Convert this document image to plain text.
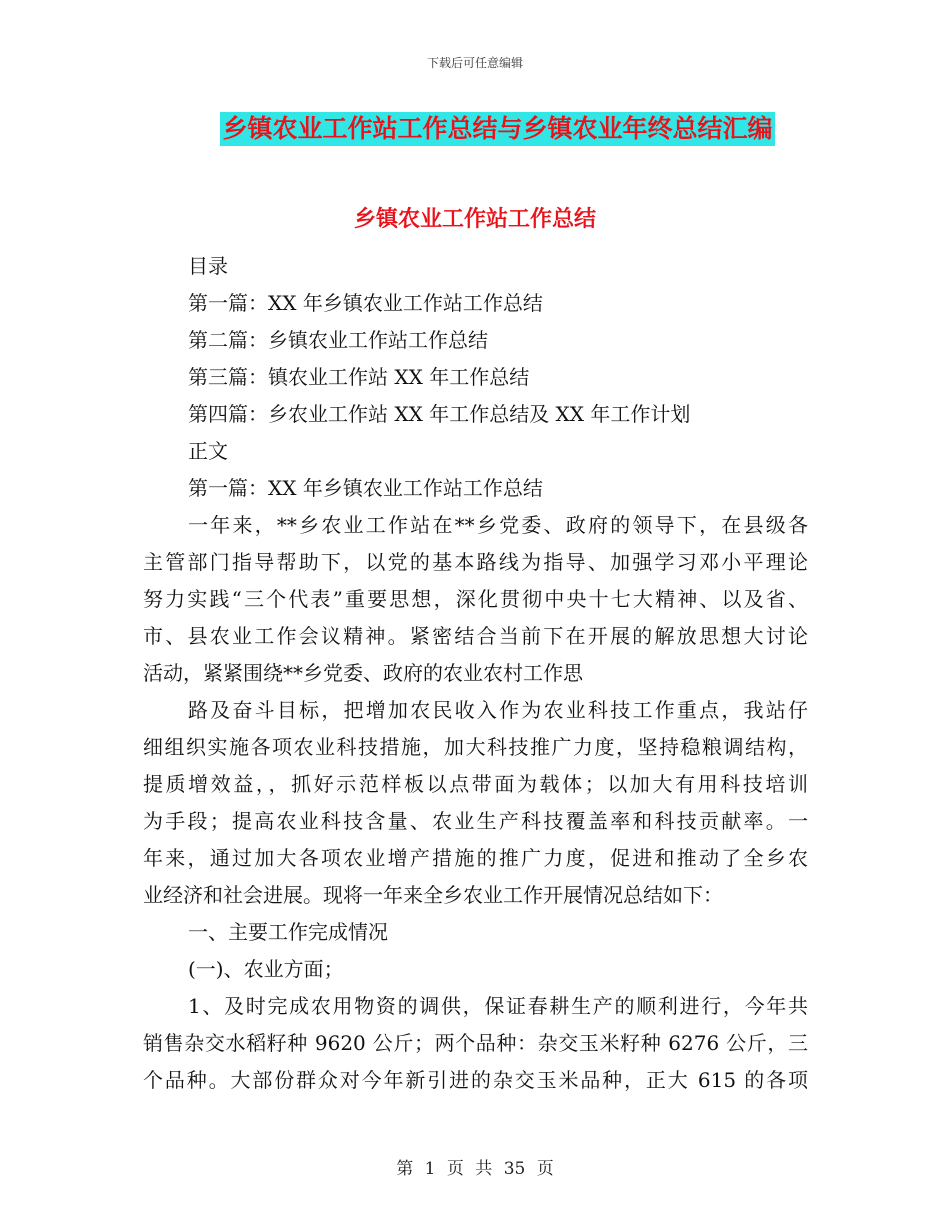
下载后可任意编辑
乡镇农业工作站工作总结与乡镇农业年终总结汇编
乡镇农业工作站工作总结
目录
第一篇：XX 年乡镇农业工作站工作总结
第二篇：乡镇农业工作站工作总结
第三篇：镇农业工作站 XX 年工作总结
第四篇：乡农业工作站 XX 年工作总结及 XX 年工作计划
正文
第一篇：XX 年乡镇农业工作站工作总结
一年来，**乡农业工作站在**乡党委、政府的领导下，在县级各
主管部门指导帮助下，以党的基本路线为指导、加强学习邓小平理论
努力实践“三个代表”重要思想，深化贯彻中央十七大精神、以及省、
市、县农业工作会议精神。紧密结合当前下在开展的解放思想大讨论
活动，紧紧围绕**乡党委、政府的农业农村工作思
路及奋斗目标，把增加农民收入作为农业科技工作重点，我站仔
细组织实施各项农业科技措施，加大科技推广力度，坚持稳粮调结构，
提质增效益，，抓好示范样板以点带面为载体；以加大有用科技培训
为手段；提高农业科技含量、农业生产科技覆盖率和科技贡献率。一
年来，通过加大各项农业增产措施的推广力度，促进和推动了全乡农
业经济和社会进展。现将一年来全乡农业工作开展情况总结如下：
一、主要工作完成情况
(一)、农业方面；
1、及时完成农用物资的调供，保证春耕生产的顺利进行，今年共
销售杂交水稻籽种 9620 公斤；两个品种：杂交玉米籽种 6276 公斤，三
个品种。大部份群众对今年新引进的杂交玉米品种，正大 615 的各项
第 1 页 共 35 页
